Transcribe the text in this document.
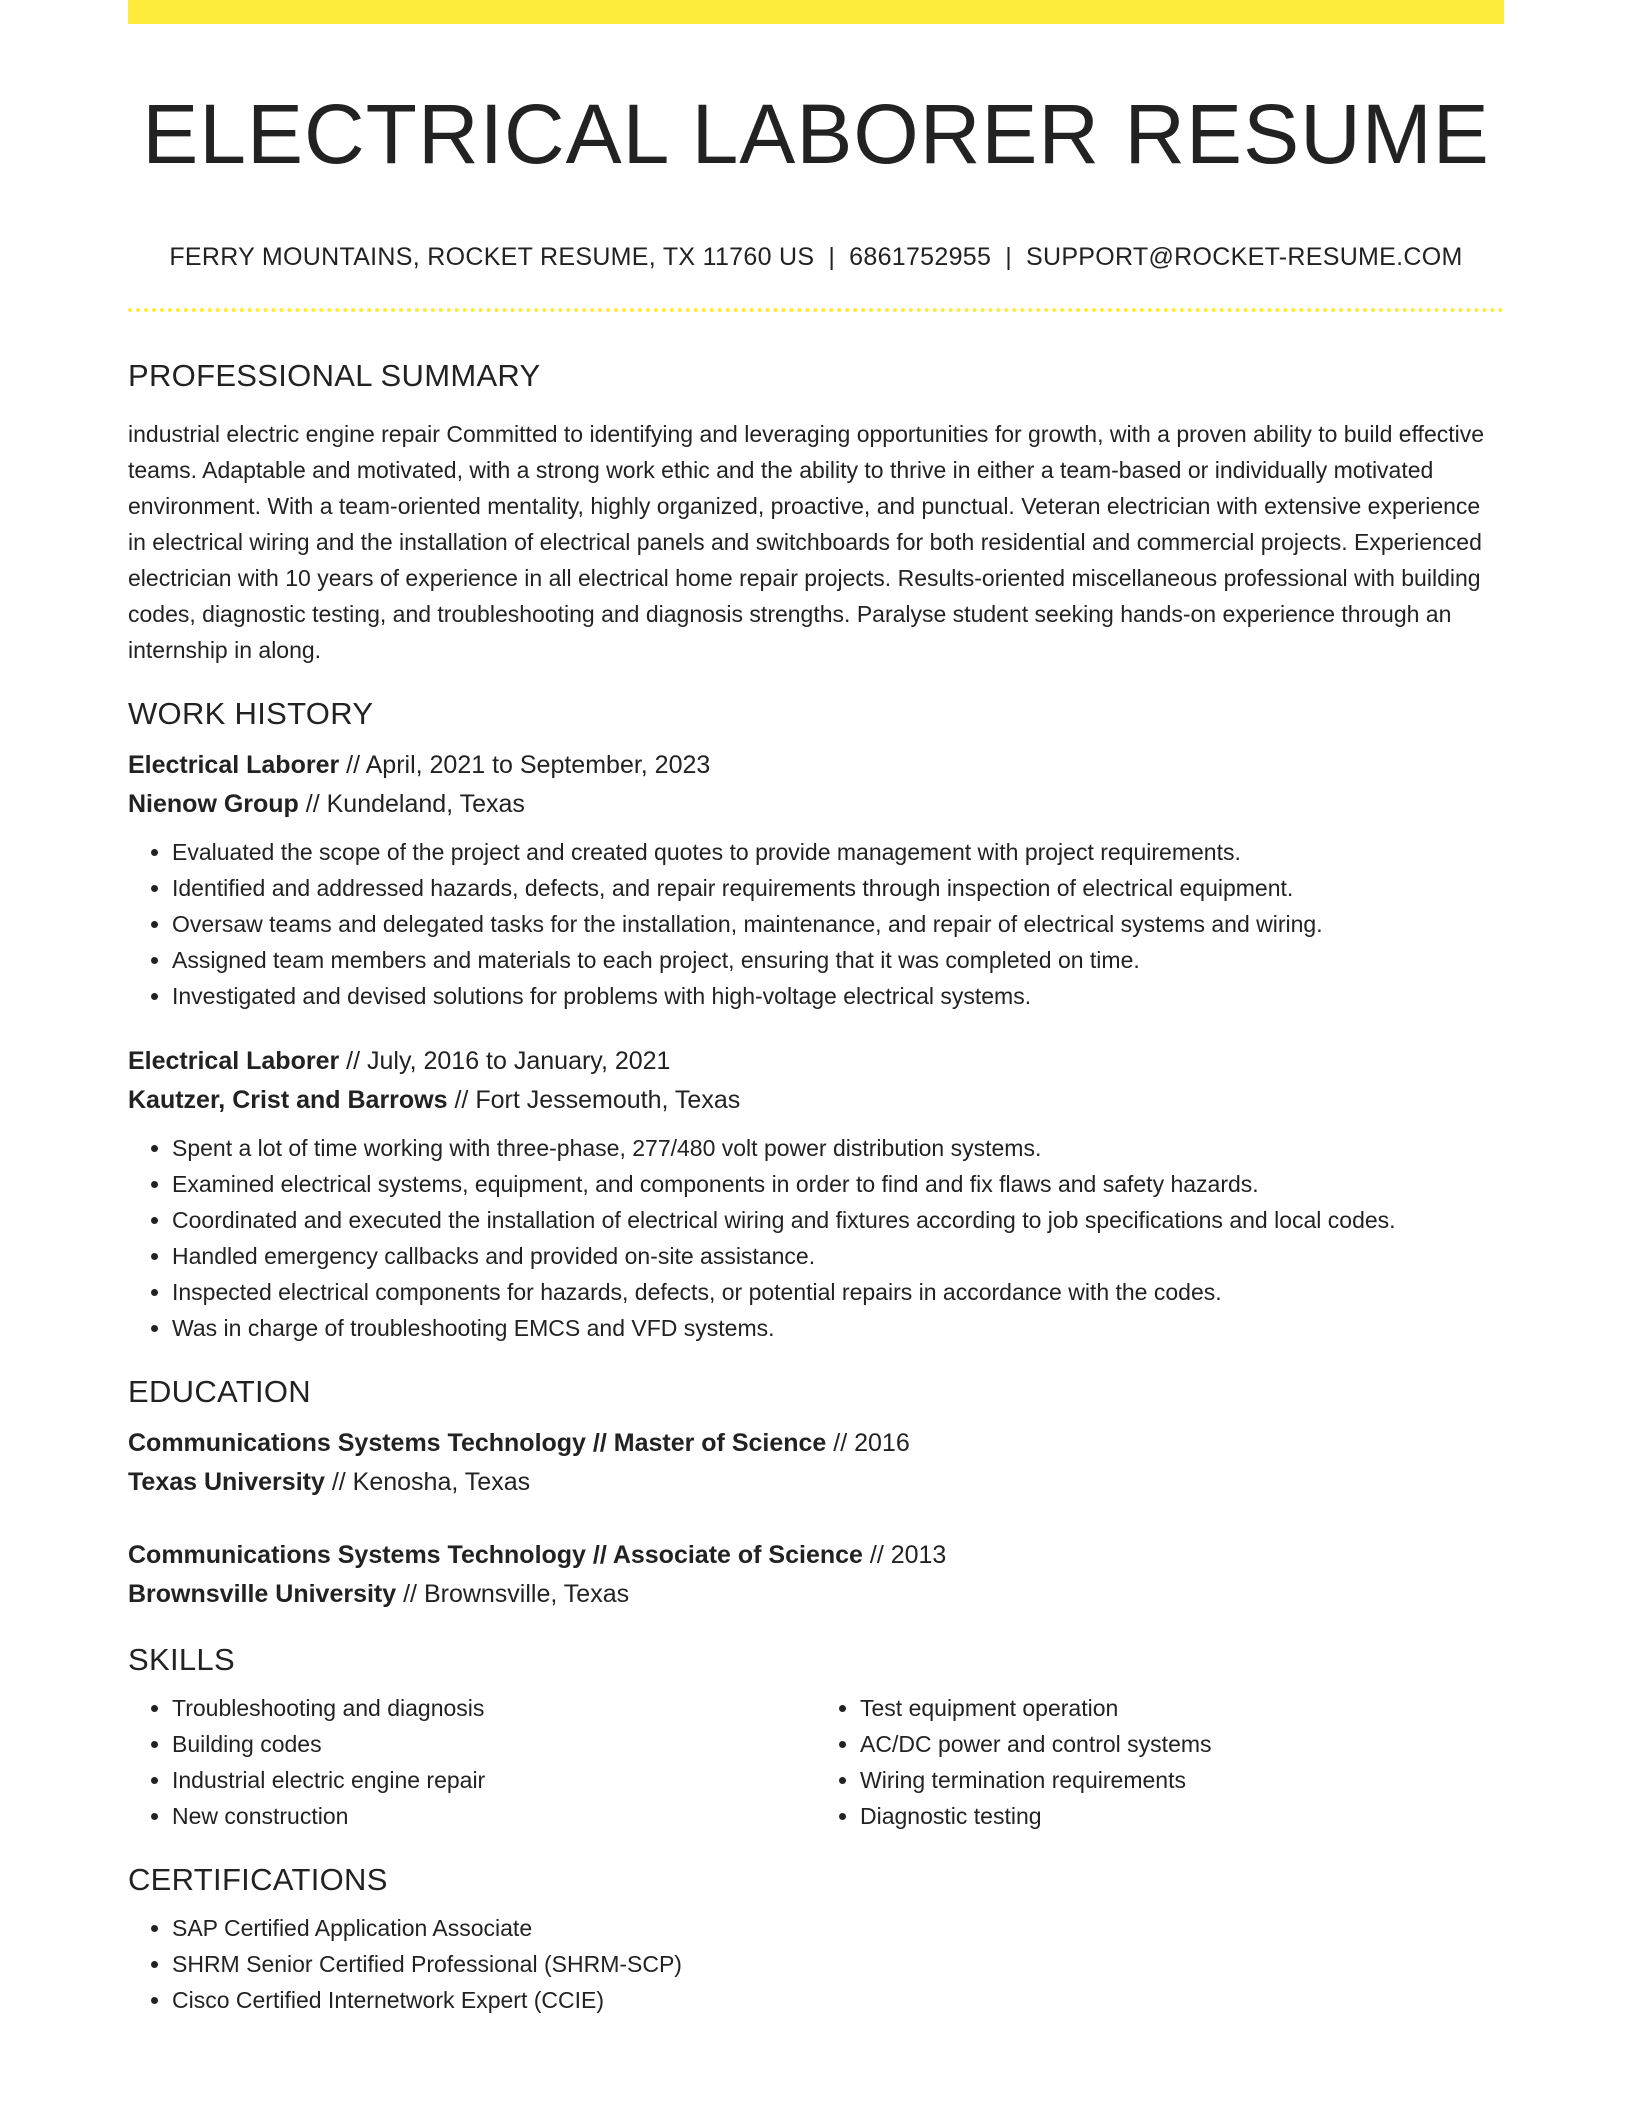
ELECTRICAL LABORER RESUME
FERRY MOUNTAINS, ROCKET RESUME, TX 11760 US | 6861752955 | SUPPORT@ROCKET-RESUME.COM
PROFESSIONAL SUMMARY
industrial electric engine repair Committed to identifying and leveraging opportunities for growth, with a proven ability to build effective teams. Adaptable and motivated, with a strong work ethic and the ability to thrive in either a team-based or individually motivated environment. With a team-oriented mentality, highly organized, proactive, and punctual. Veteran electrician with extensive experience in electrical wiring and the installation of electrical panels and switchboards for both residential and commercial projects. Experienced electrician with 10 years of experience in all electrical home repair projects. Results-oriented miscellaneous professional with building codes, diagnostic testing, and troubleshooting and diagnosis strengths. Paralyse student seeking hands-on experience through an internship in along.
WORK HISTORY
Electrical Laborer // April, 2021 to September, 2023
Nienow Group // Kundeland, Texas
• Evaluated the scope of the project and created quotes to provide management with project requirements.
• Identified and addressed hazards, defects, and repair requirements through inspection of electrical equipment.
• Oversaw teams and delegated tasks for the installation, maintenance, and repair of electrical systems and wiring.
• Assigned team members and materials to each project, ensuring that it was completed on time.
• Investigated and devised solutions for problems with high-voltage electrical systems.
Electrical Laborer // July, 2016 to January, 2021
Kautzer, Crist and Barrows // Fort Jessemouth, Texas
• Spent a lot of time working with three-phase, 277/480 volt power distribution systems.
• Examined electrical systems, equipment, and components in order to find and fix flaws and safety hazards.
• Coordinated and executed the installation of electrical wiring and fixtures according to job specifications and local codes.
• Handled emergency callbacks and provided on-site assistance.
• Inspected electrical components for hazards, defects, or potential repairs in accordance with the codes.
• Was in charge of troubleshooting EMCS and VFD systems.
EDUCATION
Communications Systems Technology // Master of Science // 2016
Texas University // Kenosha, Texas
Communications Systems Technology // Associate of Science // 2013
Brownsville University // Brownsville, Texas
SKILLS
• Troubleshooting and diagnosis
• Building codes
• Industrial electric engine repair
• New construction
• Test equipment operation
• AC/DC power and control systems
• Wiring termination requirements
• Diagnostic testing
CERTIFICATIONS
• SAP Certified Application Associate
• SHRM Senior Certified Professional (SHRM-SCP)
• Cisco Certified Internetwork Expert (CCIE)
